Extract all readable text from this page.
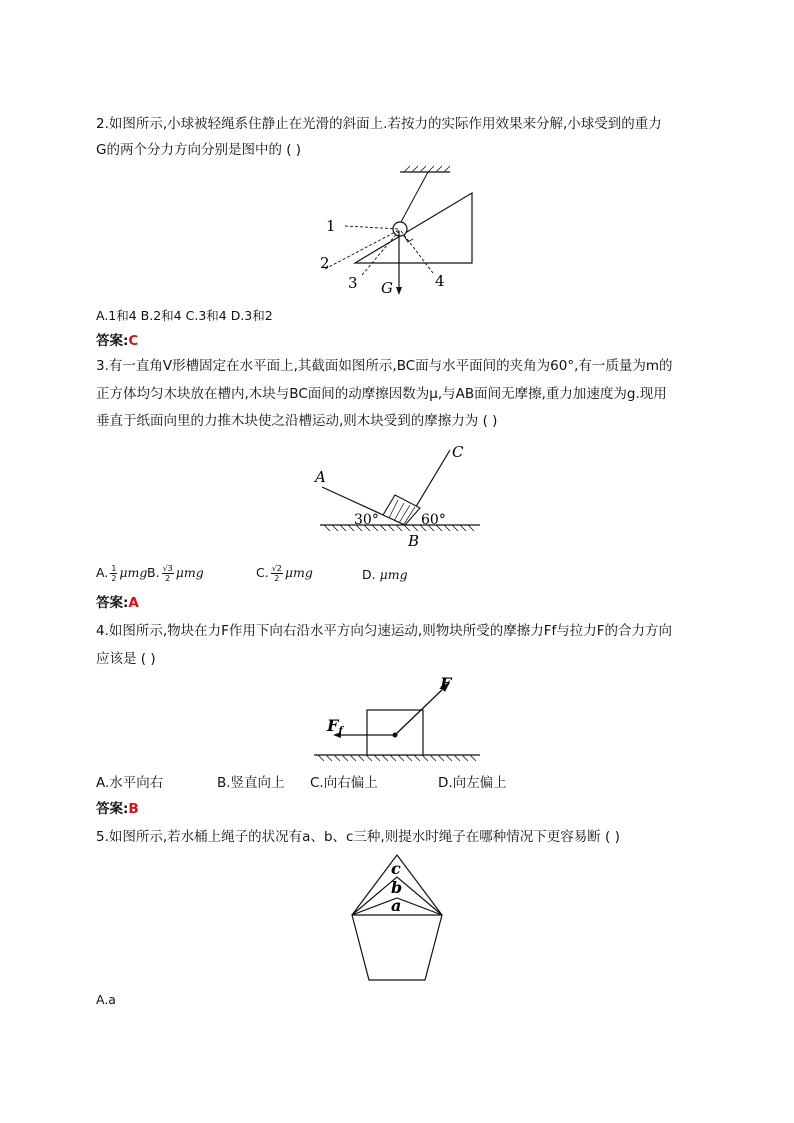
2.如图所示,小球被轻绳系住静止在光滑的斜面上.若按力的实际作用效果来分解,小球受到的重力
G的两个分力方向分别是图中的 ( )
1
2
3	4
G
A.1和4 B.2和4 C.3和4 D.3和2
答案:C
3.有一直角V形槽固定在水平面上,其截面如图所示,BC面与水平面间的夹角为60°,有一质量为m的
正方体均匀木块放在槽内,木块与BC面间的动摩擦因数为μ,与AB面间无摩擦,重力加速度为g.现用
垂直于纸面向里的力推木块使之沿槽运动,则木块受到的摩擦力为 ( )
A
B
C
30°	60°
A. $\frac{1}{2}$ μmg B. $\frac{√3}{2}$ μmg	C. $\frac{√2}{2}$ μmg	D. μmg
答案:A
4.如图所示,物块在力F作用下向右沿水平方向匀速运动,则物块所受的摩擦力Ff与拉力F的合力方向
应该是 ( )
F
Ff
A.水平向右	B.竖直向上 C.向右偏上	D.向左偏上
答案:B
5.如图所示,若水桶上绳子的状况有a、b、c三种,则提水时绳子在哪种情况下更容易断 ( )
c
b
a
A.a
